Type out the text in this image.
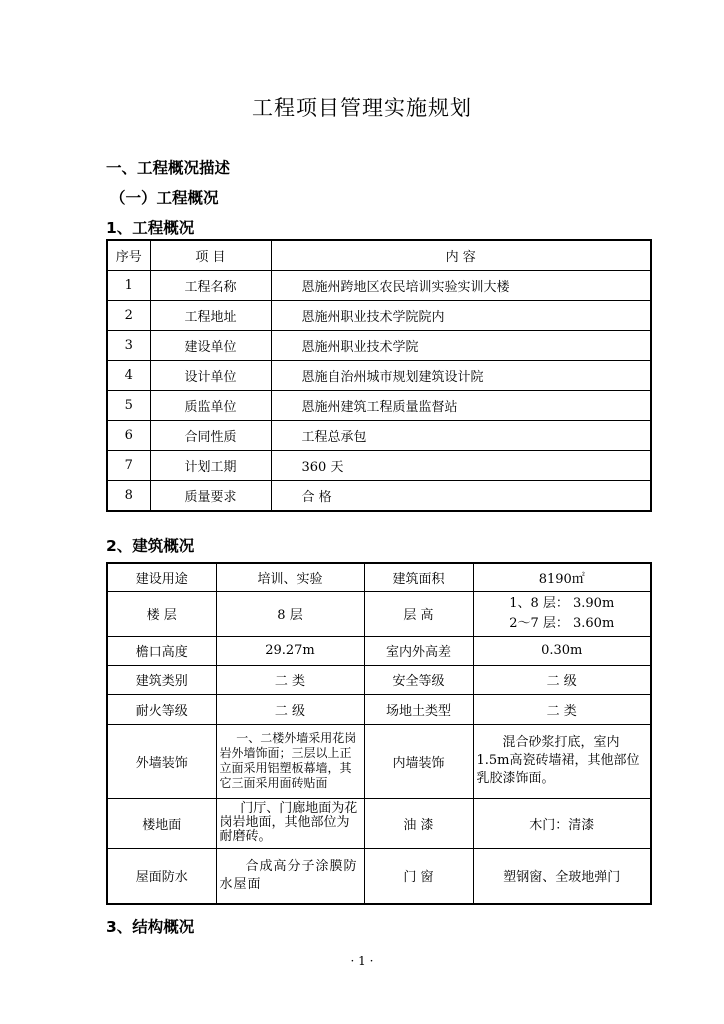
工程项目管理实施规划
一、工程概况描述
（一）工程概况
1、工程概况
序号	项 目	内 容
1	工程名称	恩施州跨地区农民培训实验实训大楼
2	工程地址	恩施州职业技术学院院内
3	建设单位	恩施州职业技术学院
4	设计单位	恩施自治州城市规划建筑设计院
5	质监单位	恩施州建筑工程质量监督站
6	合同性质	工程总承包
7	计划工期	360 天
8	质量要求	合 格
2、建筑概况
建设用途	培训、实验	建筑面积	8190㎡
楼 层	8 层	层 高	1、8 层： 3.90m
2～7 层： 3.60m

檐口高度	29.27m	室内外高差	0.30m
建筑类别	二 类	安全等级	二 级
耐火等级	二 级	场地土类型	二 类
外墙装饰	一、二楼外墙采用花岗岩外墙饰面；三层以上正立面采用铝塑板幕墙，其它三面采用面砖贴面	内墙装饰	混合砂浆打底，室内1.5m高瓷砖墙裙，其他部位乳胶漆饰面。
楼地面	门厅、门廊地面为花岗岩地面，其他部位为耐磨砖。	油 漆	木门：清漆
屋面防水	合成高分子涂膜防水屋面	门 窗	塑钢窗、全玻地弹门
3、结构概况
· 1 ·
